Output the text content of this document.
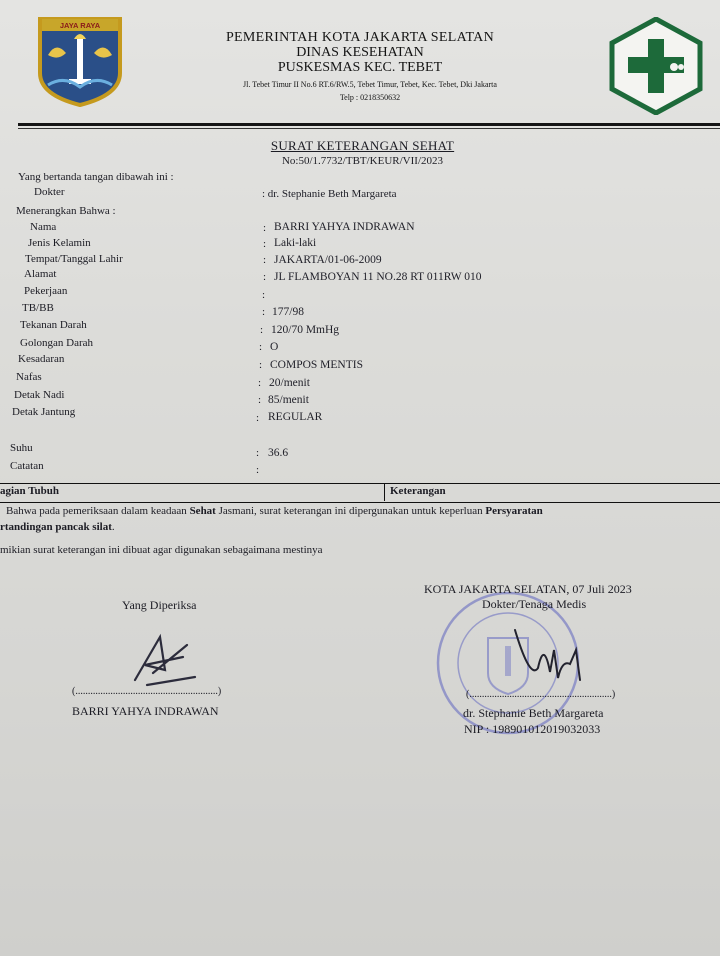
JAYA RAYA
PEMERINTAH KOTA JAKARTA SELATAN
DINAS KESEHATAN
PUSKESMAS KEC. TEBET
Jl. Tebet Timur II No.6 RT.6/RW.5, Tebet Timur, Tebet, Kec. Tebet, Dki Jakarta
Telp : 0218350632
SURAT KETERANGAN SEHAT
No:50/1.7732/TBT/KEUR/VII/2023
Yang bertanda tangan dibawah ini :
Dokter	: dr. Stephanie Beth Margareta
Menerangkan Bahwa :
Nama	: BARRI YAHYA INDRAWAN
Jenis Kelamin	: Laki-laki
Tempat/Tanggal Lahir	: JAKARTA/01-06-2009
Alamat	: JL FLAMBOYAN 11 NO.28 RT 011RW 010
Pekerjaan	:
TB/BB	: 177/98
Tekanan Darah	: 120/70 MmHg
Golongan Darah	: O
Kesadaran	: COMPOS MENTIS
Nafas	: 20/menit
Detak Nadi	: 85/menit
Detak Jantung	: REGULAR
Suhu	: 36.6
Catatan	:
agian Tubuh	Keterangan
Bahwa pada pemeriksaan dalam keadaan Sehat Jasmani, surat keterangan ini dipergunakan untuk keperluan Persyaratan
rtandingan pancak silat.
mikian surat keterangan ini dibuat agar digunakan sebagaimana mestinya
Yang Diperiksa
(.........................................................)
BARRI YAHYA INDRAWAN
KOTA JAKARTA SELATAN, 07 Juli 2023
Dokter/Tenaga Medis
(.........................................................)
dr. Stephanie Beth Margareta
NIP : 198901012019032033
